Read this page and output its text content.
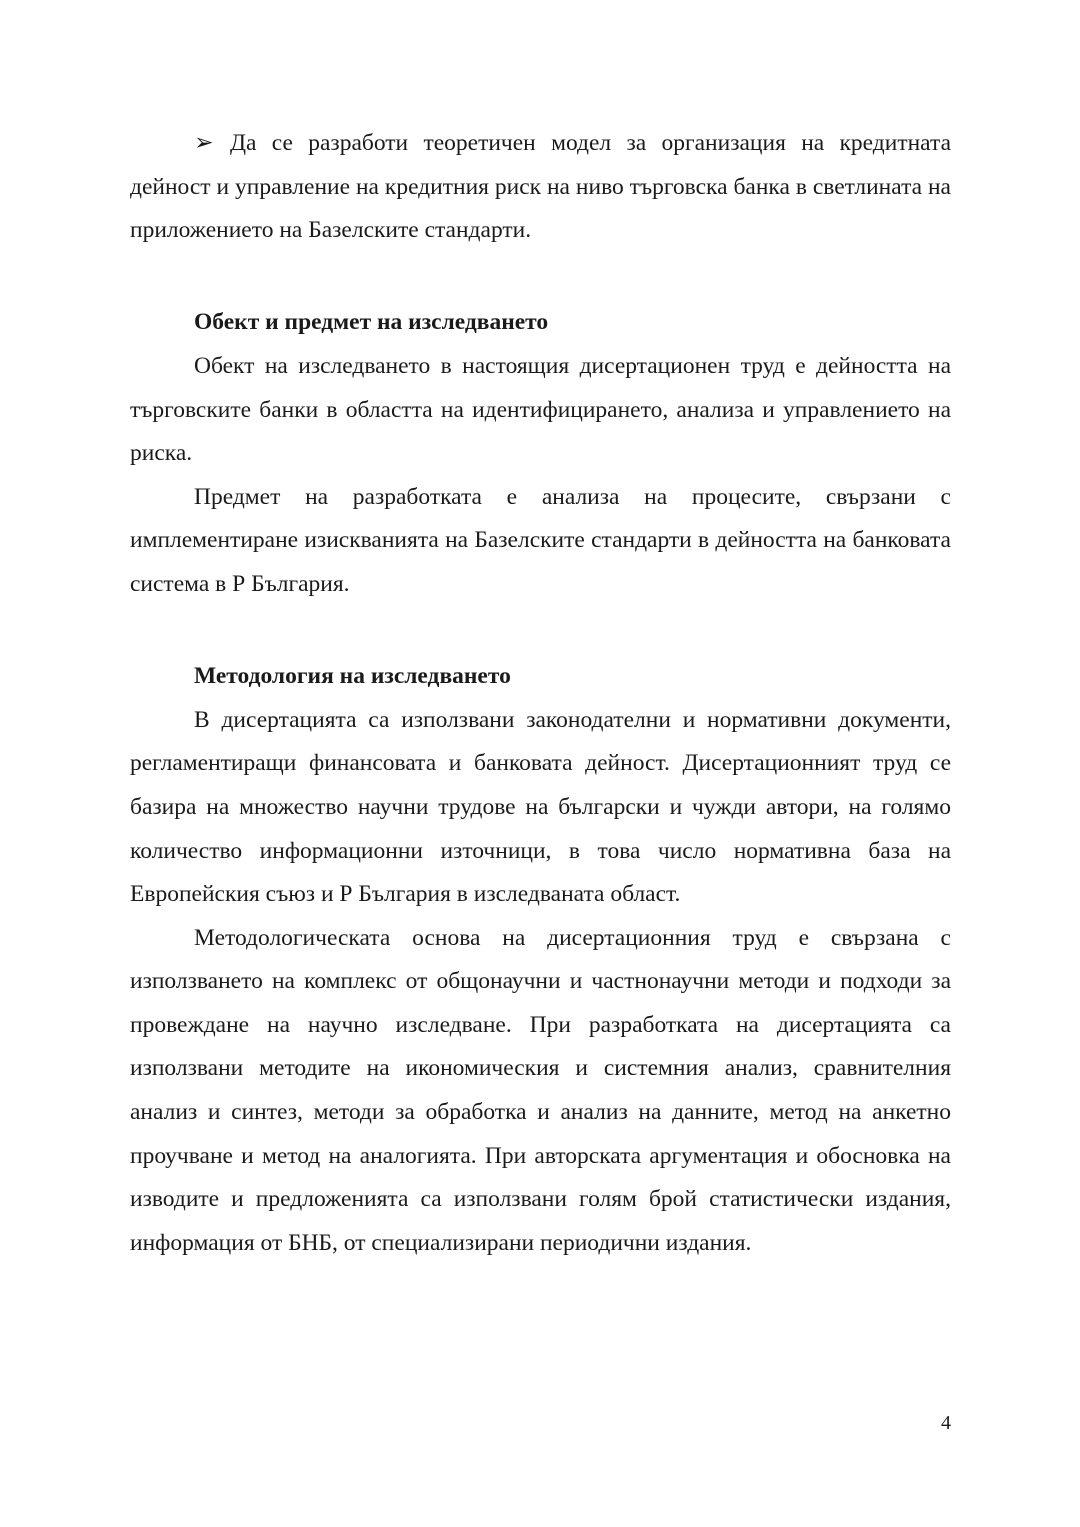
➢ Да се разработи теоретичен модел за организация на кредитната дейност и управление на кредитния риск на ниво търговска банка в светлината на приложението на Базелските стандарти.

Обект и предмет на изследването

Обект на изследването в настоящия дисертационен труд е дейността на търговските банки в областта на идентифицирането, анализа и управлението на риска.

Предмет на разработката е анализа на процесите, свързани с имплементиране изискванията на Базелските стандарти в дейността на банковата система в Р България.

Методология на изследването

В дисертацията са използвани законодателни и нормативни документи, регламентиращи финансовата и банковата дейност. Дисертационният труд се базира на множество научни трудове на български и чужди автори, на голямо количество информационни източници, в това число нормативна база на Европейския съюз и Р България в изследваната област.

Методологическата основа на дисертационния труд е свързана с използването на комплекс от общонаучни и частнонаучни методи и подходи за провеждане на научно изследване. При разработката на дисертацията са използвани методите на икономическия и системния анализ, сравнителния анализ и синтез, методи за обработка и анализ на данните, метод на анкетно проучване и метод на аналогията. При авторската аргументация и обосновка на изводите и предложенията са използвани голям брой статистически издания, информация от БНБ, от специализирани периодични издания.

4
